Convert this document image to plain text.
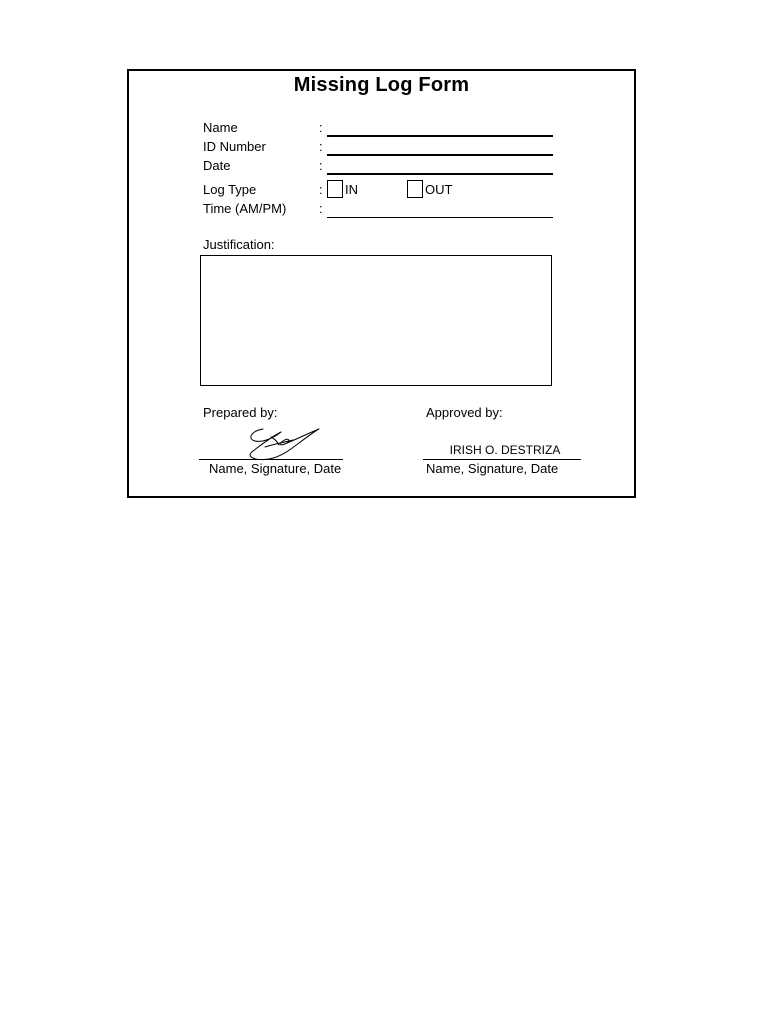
Missing Log Form
Name	:
ID Number	:
Date	:
Log Type	: IN	OUT
Time (AM/PM)	:
Justification:
Prepared by:
Name, Signature, Date
Approved by:
IRISH O. DESTRIZA
Name, Signature, Date
